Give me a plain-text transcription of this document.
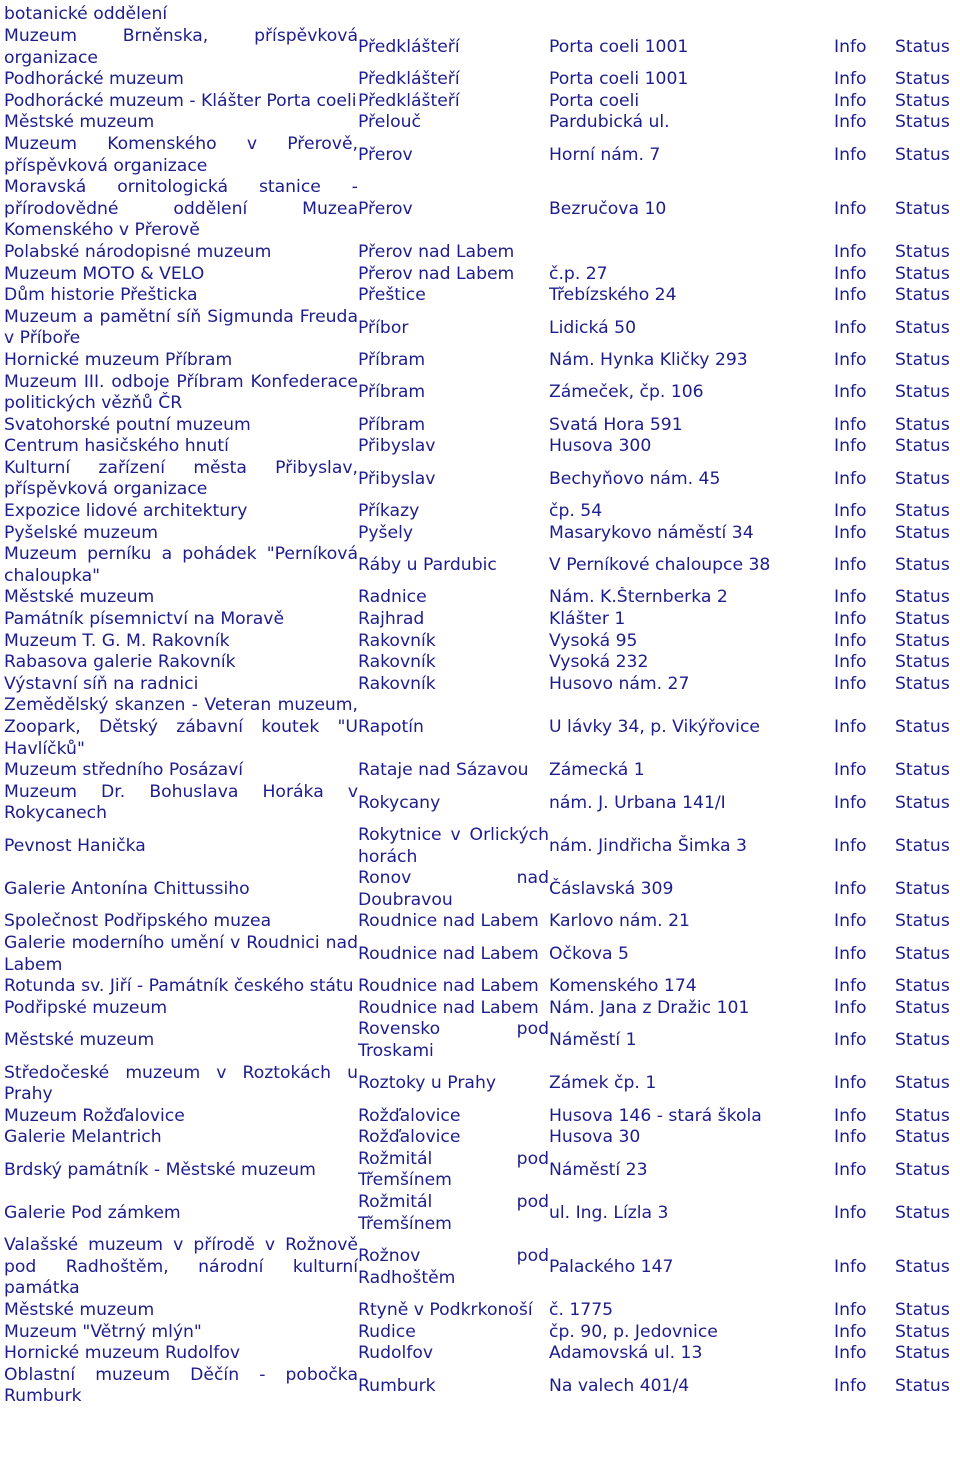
botanické oddělení

Muzeum Brněnska, příspěvková organizace	Předklášteří	Porta coeli 1001	Info	Status
Podhorácké muzeum	Předklášteří	Porta coeli 1001	Info	Status
Podhorácké muzeum - Klášter Porta coeli	Předklášteří	Porta coeli	Info	Status
Městské muzeum	Přelouč	Pardubická ul.	Info	Status
Muzeum Komenského v Přerově, příspěvková organizace	Přerov	Horní nám. 7	Info	Status
Moravská ornitologická stanice - přírodovědné oddělení Muzea Komenského v Přerově	Přerov	Bezručova 10	Info	Status
Polabské národopisné muzeum	Přerov nad Labem		Info	Status
Muzeum MOTO & VELO	Přerov nad Labem	č.p. 27	Info	Status
Dům historie Přešticka	Přeštice	Třebízského 24	Info	Status
Muzeum a pamětní síň Sigmunda Freuda v Příboře	Příbor	Lidická 50	Info	Status
Hornické muzeum Příbram	Příbram	Nám. Hynka Kličky 293	Info	Status
Muzeum III. odboje Příbram Konfederace politických vězňů ČR	Příbram	Zámeček, čp. 106	Info	Status
Svatohorské poutní muzeum	Příbram	Svatá Hora 591	Info	Status
Centrum hasičského hnutí	Přibyslav	Husova 300	Info	Status
Kulturní zařízení města Přibyslav, příspěvková organizace	Přibyslav	Bechyňovo nám. 45	Info	Status
Expozice lidové architektury	Příkazy	čp. 54	Info	Status
Pyšelské muzeum	Pyšely	Masarykovo náměstí 34	Info	Status
Muzeum perníku a pohádek "Perníková chaloupka"	Ráby u Pardubic	V Perníkové chaloupce 38	Info	Status
Městské muzeum	Radnice	Nám. K.Šternberka 2	Info	Status
Památník písemnictví na Moravě	Rajhrad	Klášter 1	Info	Status
Muzeum T. G. M. Rakovník	Rakovník	Vysoká 95	Info	Status
Rabasova galerie Rakovník	Rakovník	Vysoká 232	Info	Status
Výstavní síň na radnici	Rakovník	Husovo nám. 27	Info	Status
Zemědělský skanzen - Veteran muzeum, Zoopark, Dětský zábavní koutek "U Havlíčků"	Rapotín	U lávky 34, p. Vikýřovice	Info	Status
Muzeum středního Posázaví	Rataje nad Sázavou	Zámecká 1	Info	Status
Muzeum Dr. Bohuslava Horáka v Rokycanech	Rokycany	nám. J. Urbana 141/I	Info	Status
Pevnost Hanička	Rokytnice v Orlických horách	nám. Jindřicha Šimka 3	Info	Status
Galerie Antonína Chittussiho	Ronov nad Doubravou	Čáslavská 309	Info	Status
Společnost Podřipského muzea	Roudnice nad Labem	Karlovo nám. 21	Info	Status
Galerie moderního umění v Roudnici nad Labem	Roudnice nad Labem	Očkova 5	Info	Status
Rotunda sv. Jiří - Památník českého státu	Roudnice nad Labem	Komenského 174	Info	Status
Podřipské muzeum	Roudnice nad Labem	Nám. Jana z Dražic 101	Info	Status
Městské muzeum	Rovensko pod Troskami	Náměstí 1	Info	Status
Středočeské muzeum v Roztokách u Prahy	Roztoky u Prahy	Zámek čp. 1	Info	Status
Muzeum Rožďalovice	Rožďalovice	Husova 146 - stará škola	Info	Status
Galerie Melantrich	Rožďalovice	Husova 30	Info	Status
Brdský památník - Městské muzeum	Rožmitál pod Třemšínem	Náměstí 23	Info	Status
Galerie Pod zámkem	Rožmitál pod Třemšínem	ul. Ing. Lízla 3	Info	Status
Valašské muzeum v přírodě v Rožnově pod Radhoštěm, národní kulturní památka	Rožnov pod Radhoštěm	Palackého 147	Info	Status
Městské muzeum	Rtyně v Podkrkonoší	č. 1775	Info	Status
Muzeum "Větrný mlýn"	Rudice	čp. 90, p. Jedovnice	Info	Status
Hornické muzeum Rudolfov	Rudolfov	Adamovská ul. 13	Info	Status
Oblastní muzeum Děčín - pobočka Rumburk	Rumburk	Na valech 401/4	Info	Status
